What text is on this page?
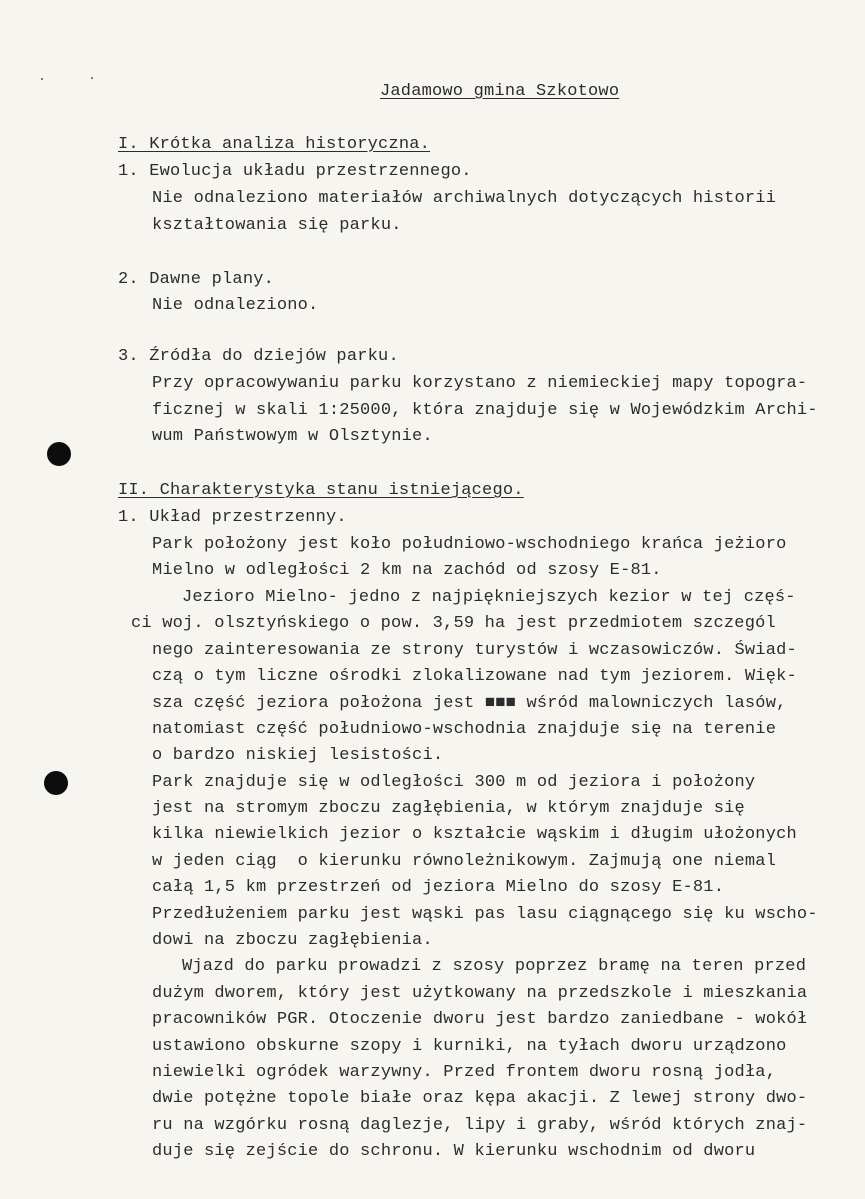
Jadamowo gmina Szkotowo
I. Krótka analiza historyczna.
1. Ewolucja układu przestrzennego.
Nie odnaleziono materiałów archiwalnych dotyczących historii
kształtowania się parku.
2. Dawne plany.
Nie odnaleziono.
3. Źródła do dziejów parku.
Przy opracowywaniu parku korzystano z niemieckiej mapy topogra-
ficznej w skali 1:25000, która znajduje się w Wojewódzkim Archi-
wum Państwowym w Olsztynie.
II. Charakterystyka stanu istniejącego.
1. Układ przestrzenny.
Park położony jest koło południowo-wschodniego krańca jeżioro
Mielno w odległości 2 km na zachód od szosy E-81.
Jezioro Mielno- jedno z najpiękniejszych kezior w tej częś-
ci woj. olsztyńskiego o pow. 3,59 ha jest przedmiotem szczegól
nego zainteresowania ze strony turystów i wczasowiczów. Świad-
czą o tym liczne ośrodki zlokalizowane nad tym jeziorem. Więk-
sza część jeziora położona jest ■■■ wśród malowniczych lasów,
natomiast część południowo-wschodnia znajduje się na terenie
o bardzo niskiej lesistości.
Park znajduje się w odległości 300 m od jeziora i położony
jest na stromym zboczu zagłębienia, w którym znajduje się
kilka niewielkich jezior o kształcie wąskim i długim ułożonych
w jeden ciąg  o kierunku równoleżnikowym. Zajmują one niemal
całą 1,5 km przestrzeń od jeziora Mielno do szosy E-81.
Przedłużeniem parku jest wąski pas lasu ciągnącego się ku wscho-
dowi na zboczu zagłębienia.
Wjazd do parku prowadzi z szosy poprzez bramę na teren przed
dużym dworem, który jest użytkowany na przedszkole i mieszkania
pracowników PGR. Otoczenie dworu jest bardzo zaniedbane - wokół
ustawiono obskurne szopy i kurniki, na tyłach dworu urządzono
niewielki ogródek warzywny. Przed frontem dworu rosną jodła,
dwie potężne topole białe oraz kępa akacji. Z lewej strony dwo-
ru na wzgórku rosną daglezje, lipy i graby, wśród których znaj-
duje się zejście do schronu. W kierunku wschodnim od dworu
